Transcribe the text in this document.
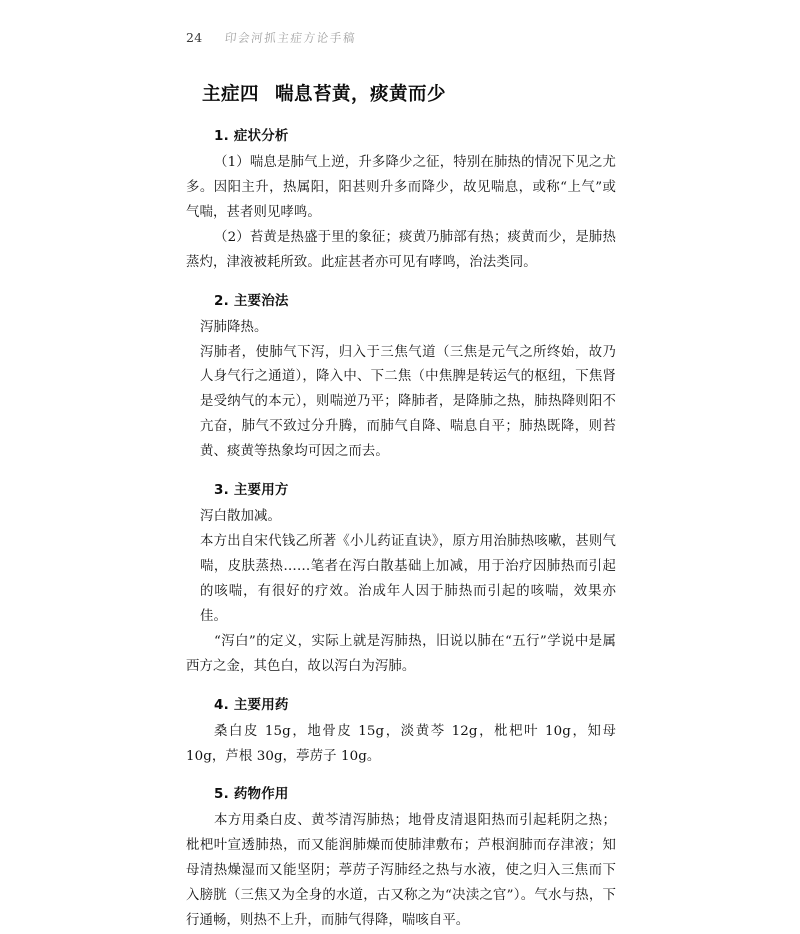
24 印会河抓主症方论手稿
主症四 喘息苔黄，痰黄而少
1. 症状分析

（1）喘息是肺气上逆，升多降少之征，特别在肺热的情况下见之尤多。因阳主升，热属阳，阳甚则升多而降少，故见喘息，或称“上气”或气喘，甚者则见哮鸣。

（2）苔黄是热盛于里的象征；痰黄乃肺部有热；痰黄而少，是肺热蒸灼，津液被耗所致。此症甚者亦可见有哮鸣，治法类同。

2. 主要治法

泻肺降热。

泻肺者，使肺气下泻，归入于三焦气道（三焦是元气之所终始，故乃人身气行之通道），降入中、下二焦（中焦脾是转运气的枢纽，下焦肾是受纳气的本元），则喘逆乃平；降肺者，是降肺之热，肺热降则阳不亢奋，肺气不致过分升腾，而肺气自降、喘息自平；肺热既降，则苔黄、痰黄等热象均可因之而去。

3. 主要用方

泻白散加减。

本方出自宋代钱乙所著《小儿药证直诀》，原方用治肺热咳嗽，甚则气喘，皮肤蒸热……笔者在泻白散基础上加减，用于治疗因肺热而引起的咳喘，有很好的疗效。治成年人因于肺热而引起的咳喘，效果亦佳。

“泻白”的定义，实际上就是泻肺热，旧说以肺在“五行”学说中是属西方之金，其色白，故以泻白为泻肺。

4. 主要用药

桑白皮 15g，地骨皮 15g，淡黄芩 12g，枇杷叶 10g，知母 10g，芦根 30g，葶苈子 10g。

5. 药物作用

本方用桑白皮、黄芩清泻肺热；地骨皮清退阳热而引起耗阴之热；枇杷叶宣透肺热，而又能润肺燥而使肺津敷布；芦根润肺而存津液；知母清热燥湿而又能坚阴；葶苈子泻肺经之热与水液，使之归入三焦而下入膀胱（三焦又为全身的水道，古又称之为“决渎之官”）。气水与热，下行通畅，则热不上升，而肺气得降，喘咳自平。
